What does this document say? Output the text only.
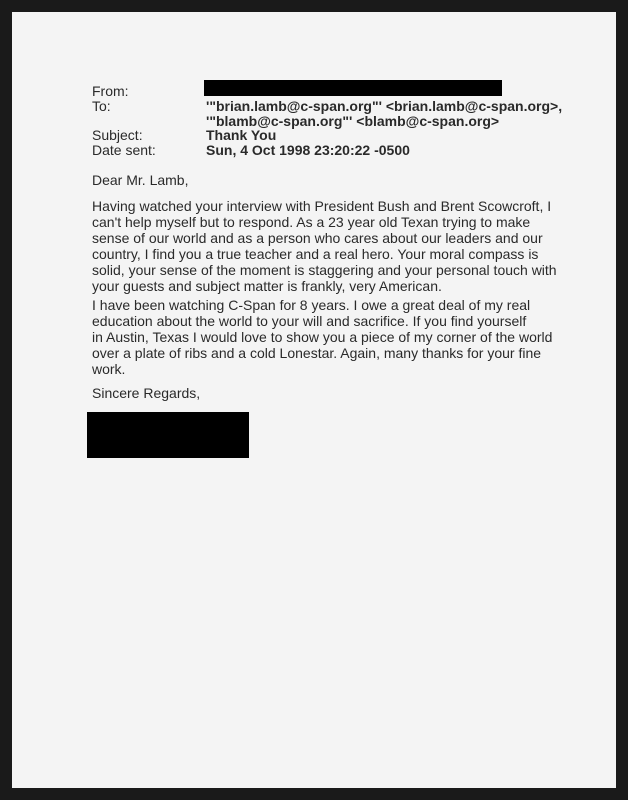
From:
To:	'"brian.lamb@c-span.org"' <brian.lamb@c-span.org>,
'"blamb@c-span.org"' <blamb@c-span.org>
Subject:	Thank You
Date sent:	Sun, 4 Oct 1998 23:20:22 -0500
Dear Mr. Lamb,
Having watched your interview with President Bush and Brent Scowcroft, I
can't help myself but to respond. As a 23 year old Texan trying to make
sense of our world and as a person who cares about our leaders and our
country, I find you a true teacher and a real hero. Your moral compass is
solid, your sense of the moment is staggering and your personal touch with
your guests and subject matter is frankly, very American.
I have been watching C-Span for 8 years. I owe a great deal of my real
education about the world to your will and sacrifice. If you find yourself
in Austin, Texas I would love to show you a piece of my corner of the world
over a plate of ribs and a cold Lonestar. Again, many thanks for your fine
work.
Sincere Regards,
